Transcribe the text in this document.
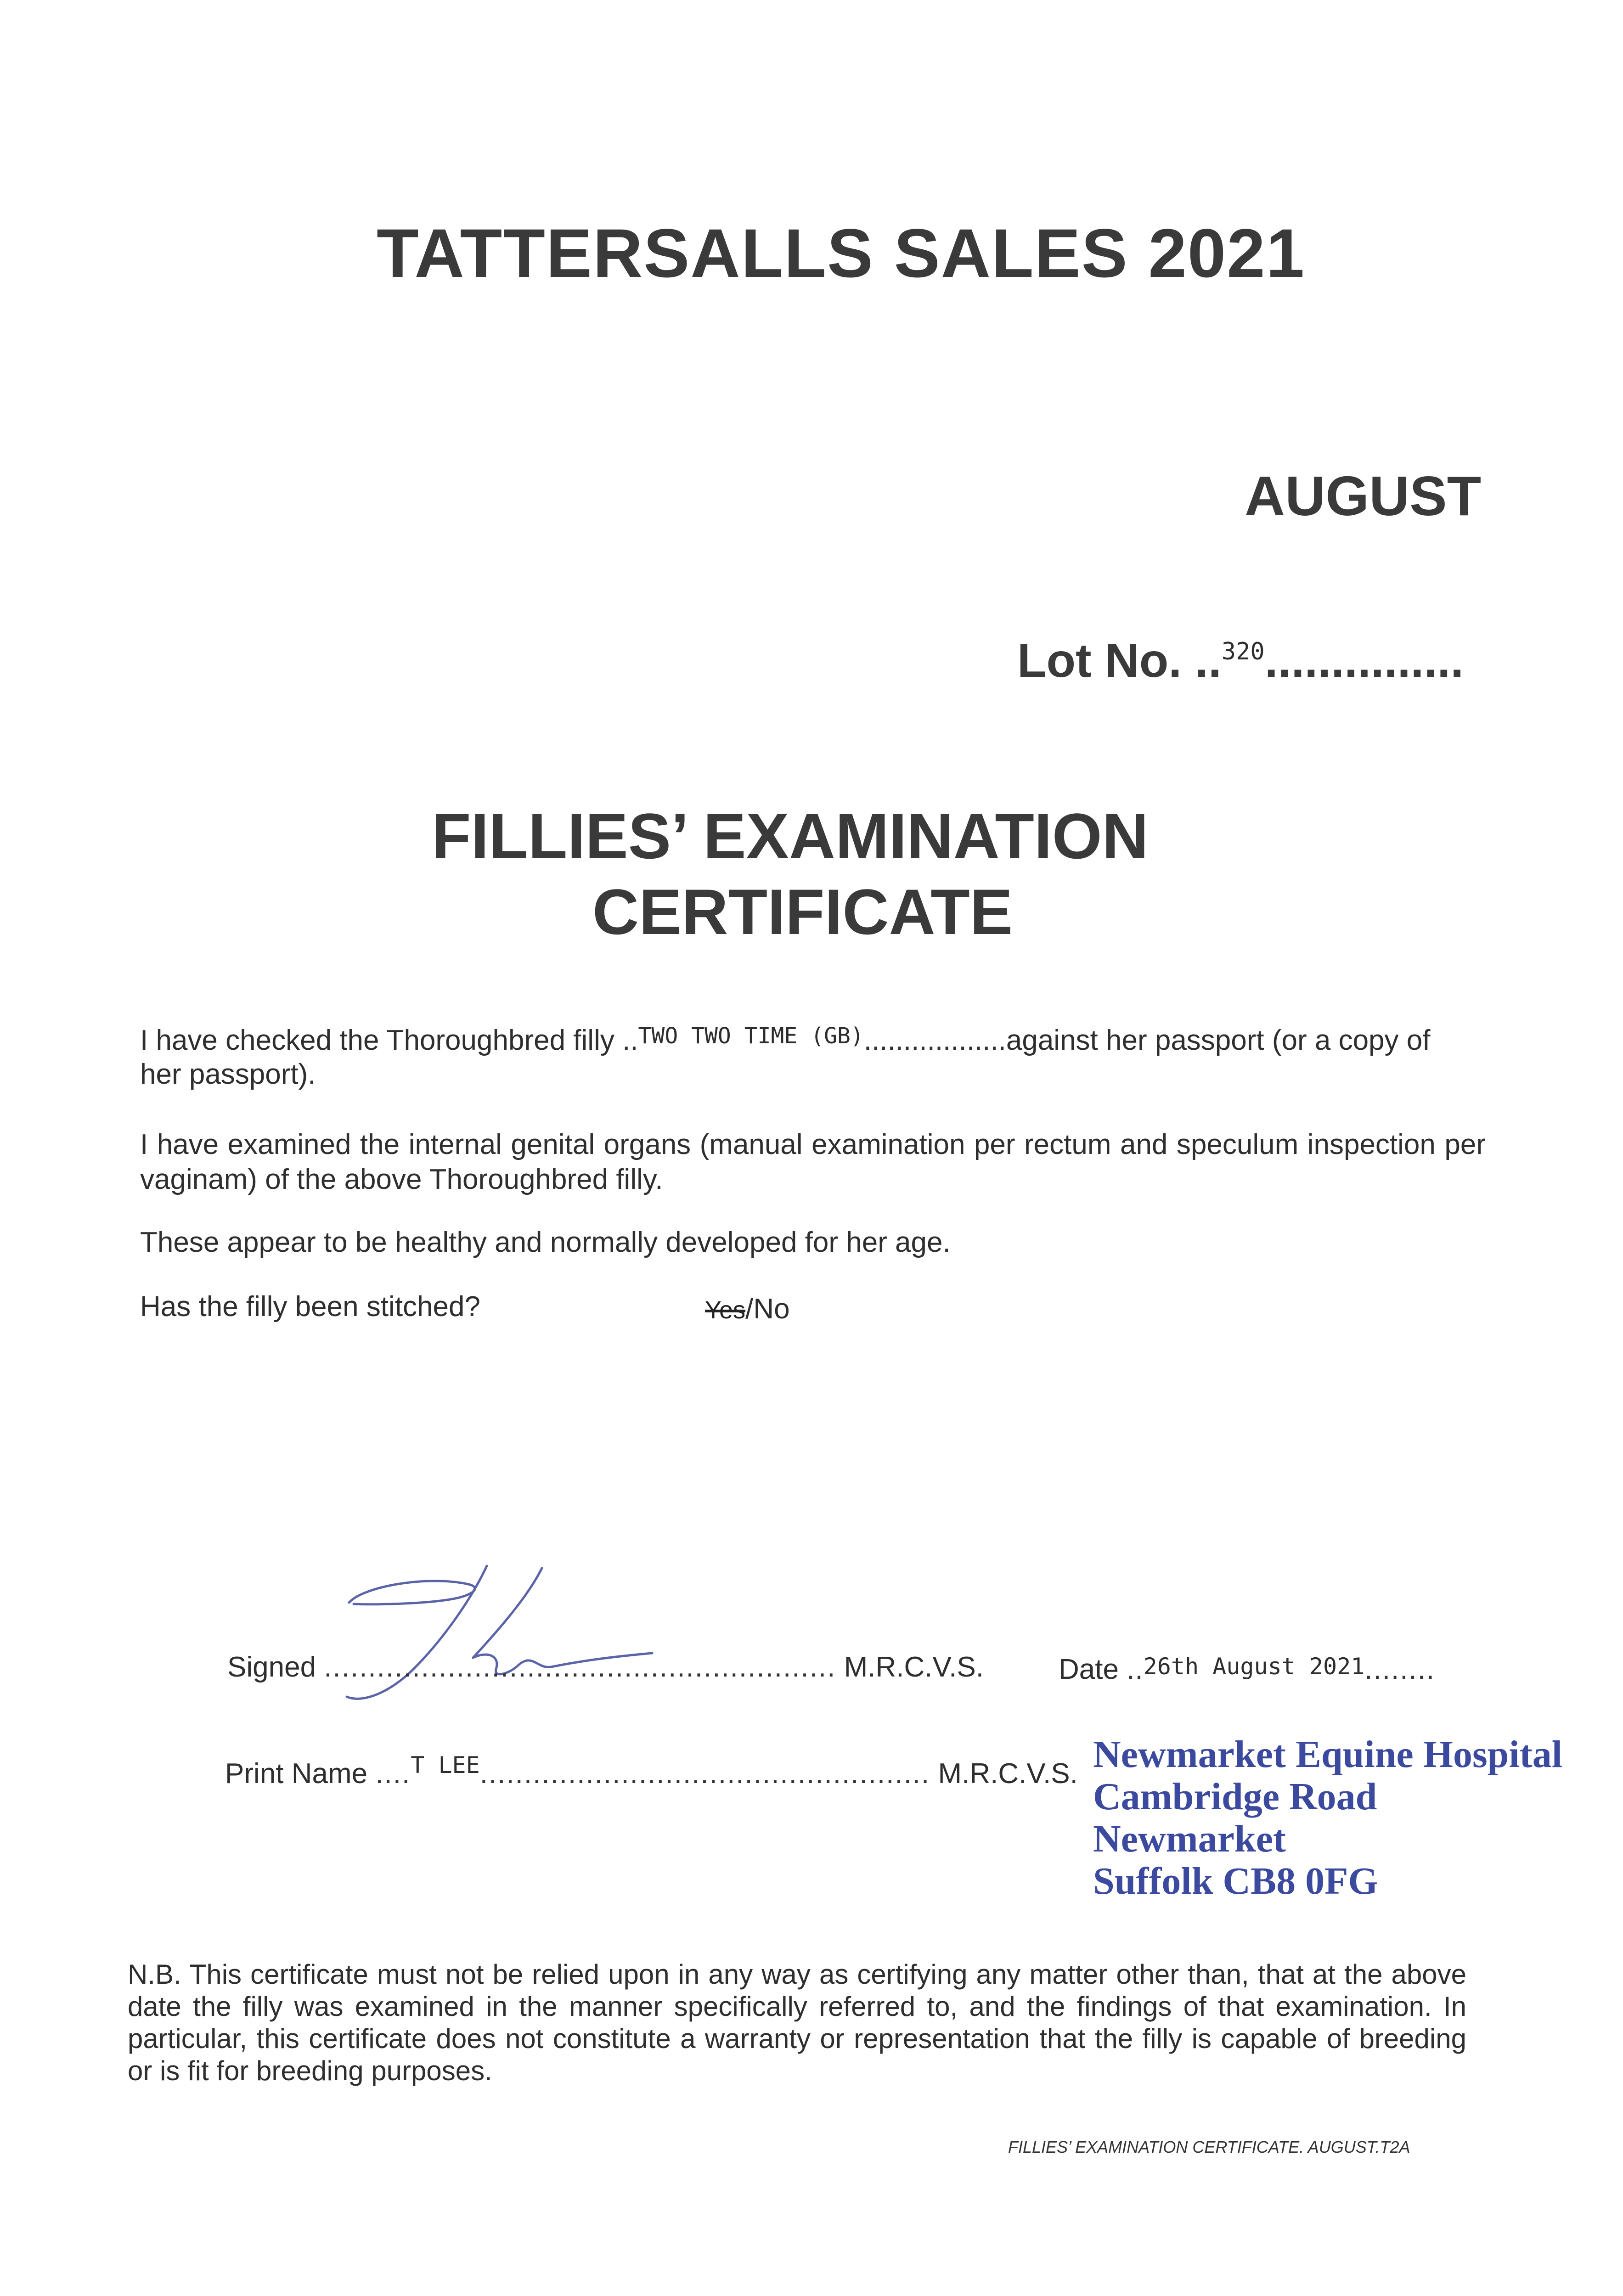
TATTERSALLS SALES 2021
AUGUST
Lot No. ..$^{320}$...............
FILLIES’ EXAMINATION
CERTIFICATE
I have checked the Thoroughbred filly ..$^{TWO TWO TIME (GB)}$..................against her passport (or a copy of
her passport).
I have examined the internal genital organs (manual examination per rectum and speculum inspection per vaginam) of the above Thoroughbred filly.
These appear to be healthy and normally developed for her age.
Has the filly been stitched?	Yes/No
Signed .......................................................... M.R.C.V.S.	Date ..26th August 2021........
Print Name ....$^{T LEE}$................................................... M.R.C.V.S. Newmarket Equine Hospital
Cambridge Road
Newmarket
Suffolk CB8 0FG
N.B. This certificate must not be relied upon in any way as certifying any matter other than, that at the above date the filly was examined in the manner specifically referred to, and the findings of that examination. In particular, this certificate does not constitute a warranty or representation that the filly is capable of breeding or is fit for breeding purposes.
FILLIES’ EXAMINATION CERTIFICATE. AUGUST.T2A
